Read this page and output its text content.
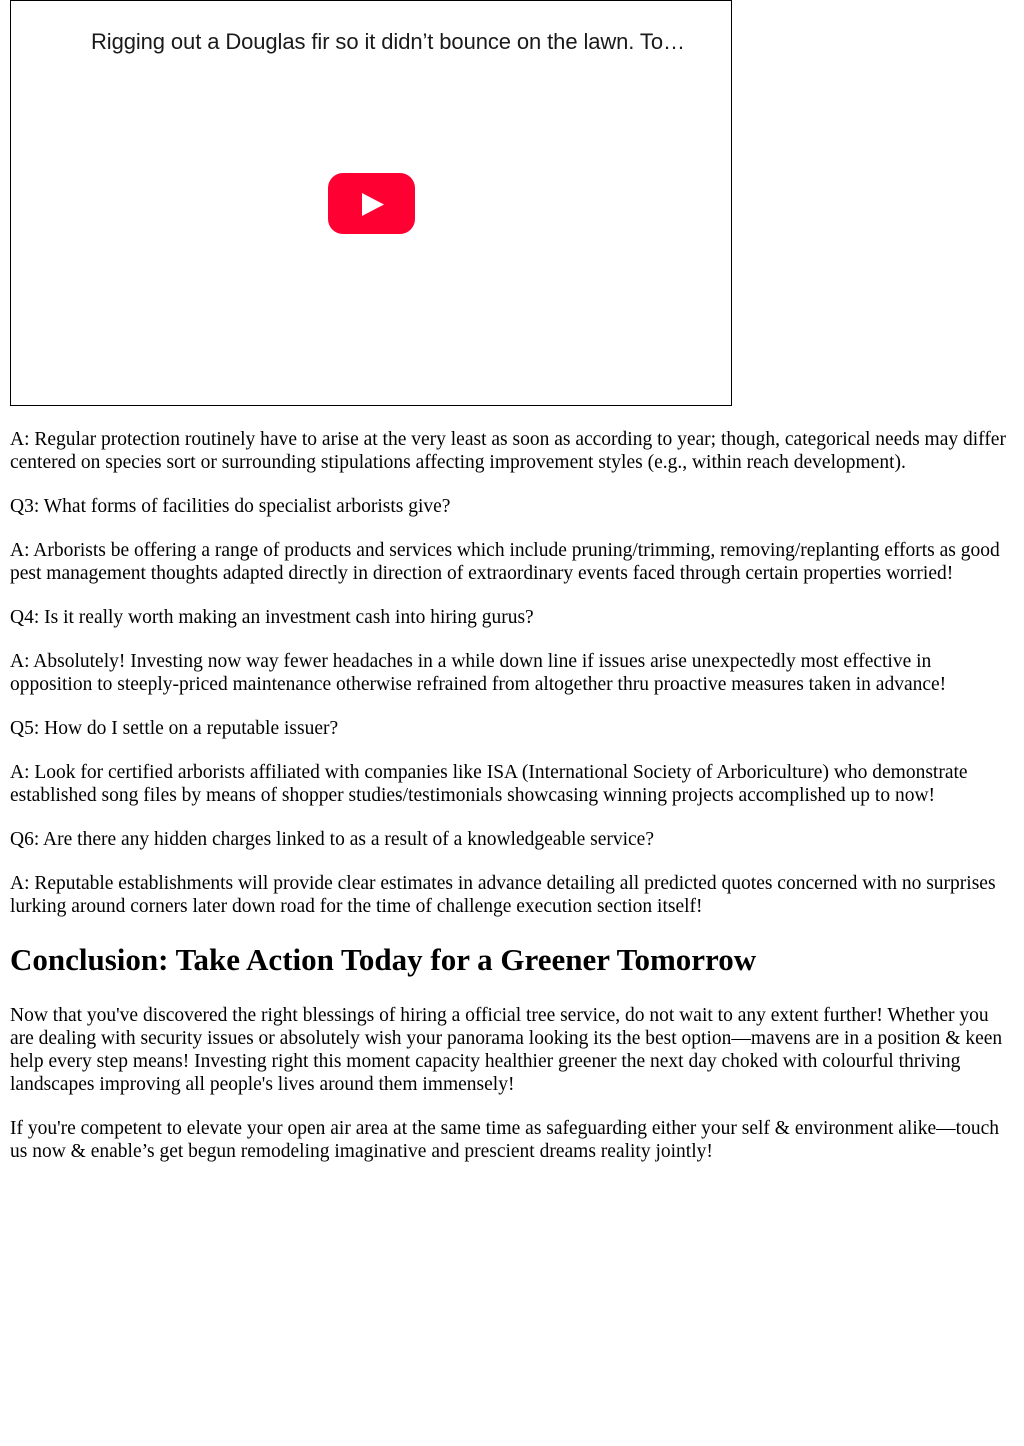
Rigging out a Douglas fir so it didn’t bounce on the lawn. To…

A: Regular protection routinely have to arise at the very least as soon as according to year; though, categorical needs may differ centered on species sort or surrounding stipulations affecting improvement styles (e.g., within reach development).

Q3: What forms of facilities do specialist arborists give?

A: Arborists be offering a range of products and services which include pruning/trimming, removing/replanting efforts as good pest management thoughts adapted directly in direction of extraordinary events faced through certain properties worried!

Q4: Is it really worth making an investment cash into hiring gurus?

A: Absolutely! Investing now way fewer headaches in a while down line if issues arise unexpectedly most effective in opposition to steeply-priced maintenance otherwise refrained from altogether thru proactive measures taken in advance!

Q5: How do I settle on a reputable issuer?

A: Look for certified arborists affiliated with companies like ISA (International Society of Arboriculture) who demonstrate established song files by means of shopper studies/testimonials showcasing winning projects accomplished up to now!

Q6: Are there any hidden charges linked to as a result of a knowledgeable service?

A: Reputable establishments will provide clear estimates in advance detailing all predicted quotes concerned with no surprises lurking around corners later down road for the time of challenge execution section itself!

Conclusion: Take Action Today for a Greener Tomorrow

Now that you've discovered the right blessings of hiring a official tree service, do not wait to any extent further! Whether you are dealing with security issues or absolutely wish your panorama looking its the best option—mavens are in a position & keen help every step means! Investing right this moment capacity healthier greener the next day choked with colourful thriving landscapes improving all people's lives around them immensely!

If you're competent to elevate your open air area at the same time as safeguarding either your self & environment alike—touch us now & enable’s get begun remodeling imaginative and prescient dreams reality jointly!
